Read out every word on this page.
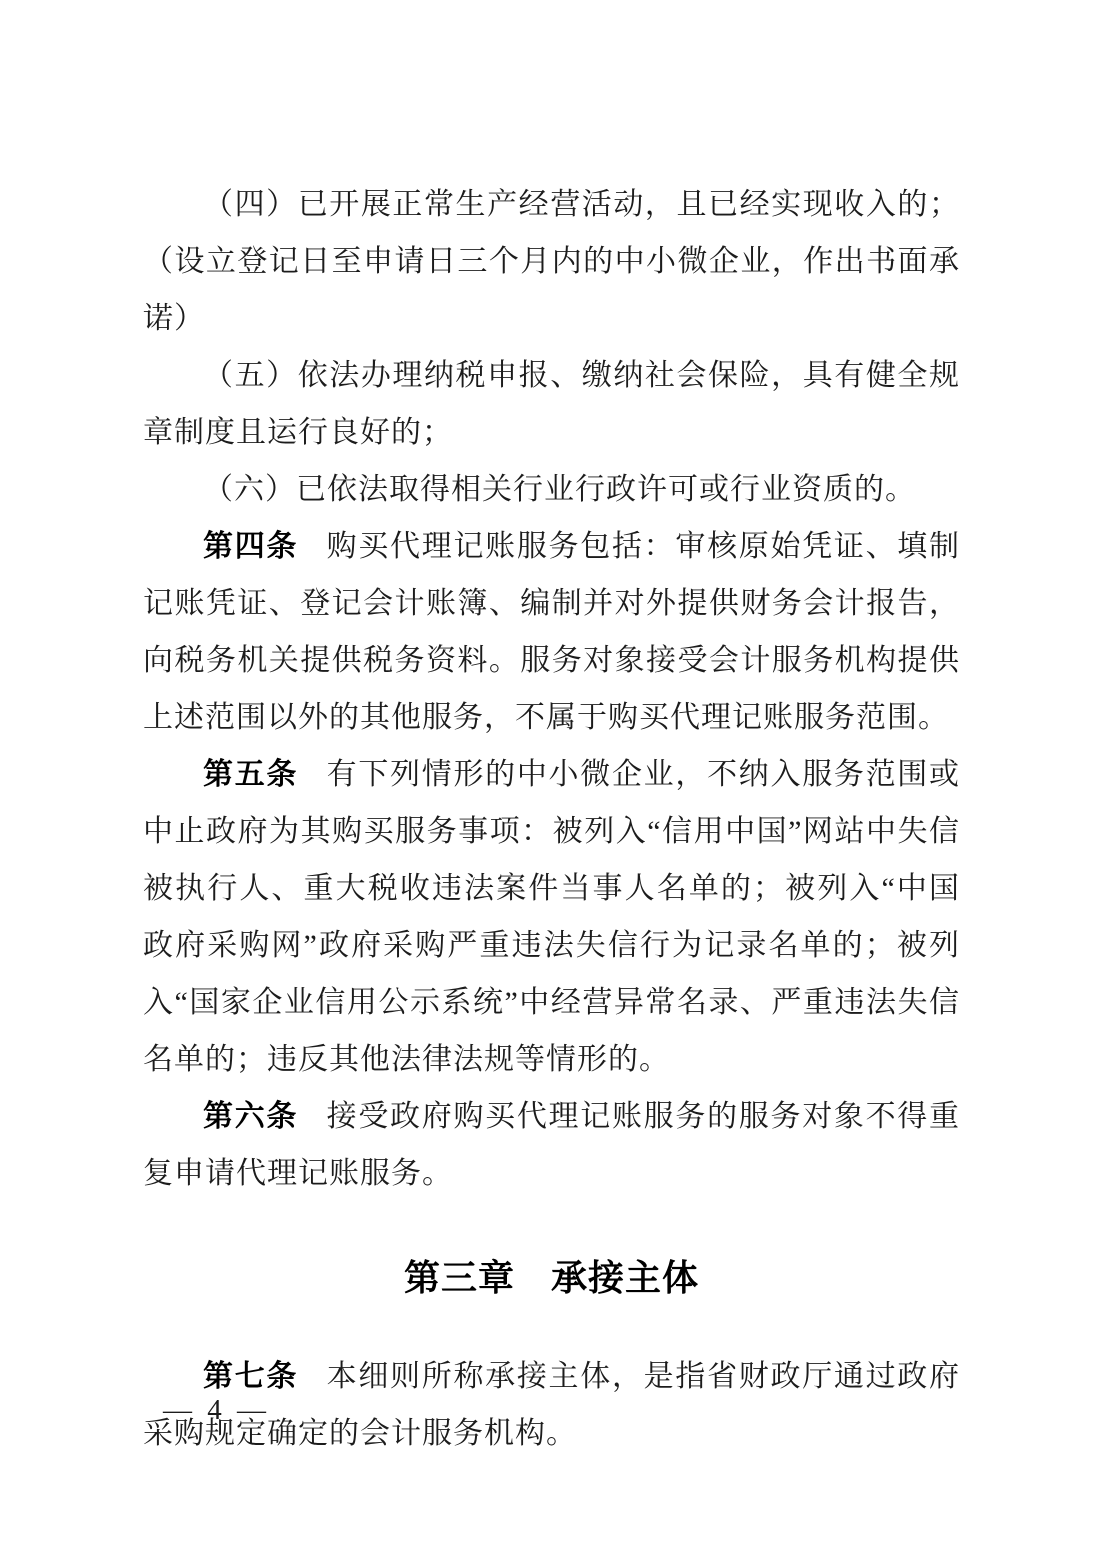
（四）已开展正常生产经营活动，且已经实现收入的；（设立登记日至申请日三个月内的中小微企业，作出书面承诺）

（五）依法办理纳税申报、缴纳社会保险，具有健全规章制度且运行良好的；

（六）已依法取得相关行业行政许可或行业资质的。

第四条 购买代理记账服务包括：审核原始凭证、填制记账凭证、登记会计账簿、编制并对外提供财务会计报告，向税务机关提供税务资料。服务对象接受会计服务机构提供上述范围以外的其他服务，不属于购买代理记账服务范围。

第五条 有下列情形的中小微企业，不纳入服务范围或中止政府为其购买服务事项：被列入“信用中国”网站中失信被执行人、重大税收违法案件当事人名单的；被列入“中国政府采购网”政府采购严重违法失信行为记录名单的；被列入“国家企业信用公示系统”中经营异常名录、严重违法失信名单的；违反其他法律法规等情形的。

第六条 接受政府购买代理记账服务的服务对象不得重复申请代理记账服务。

第三章 承接主体

第七条 本细则所称承接主体，是指省财政厅通过政府采购规定确定的会计服务机构。

— 4 —
